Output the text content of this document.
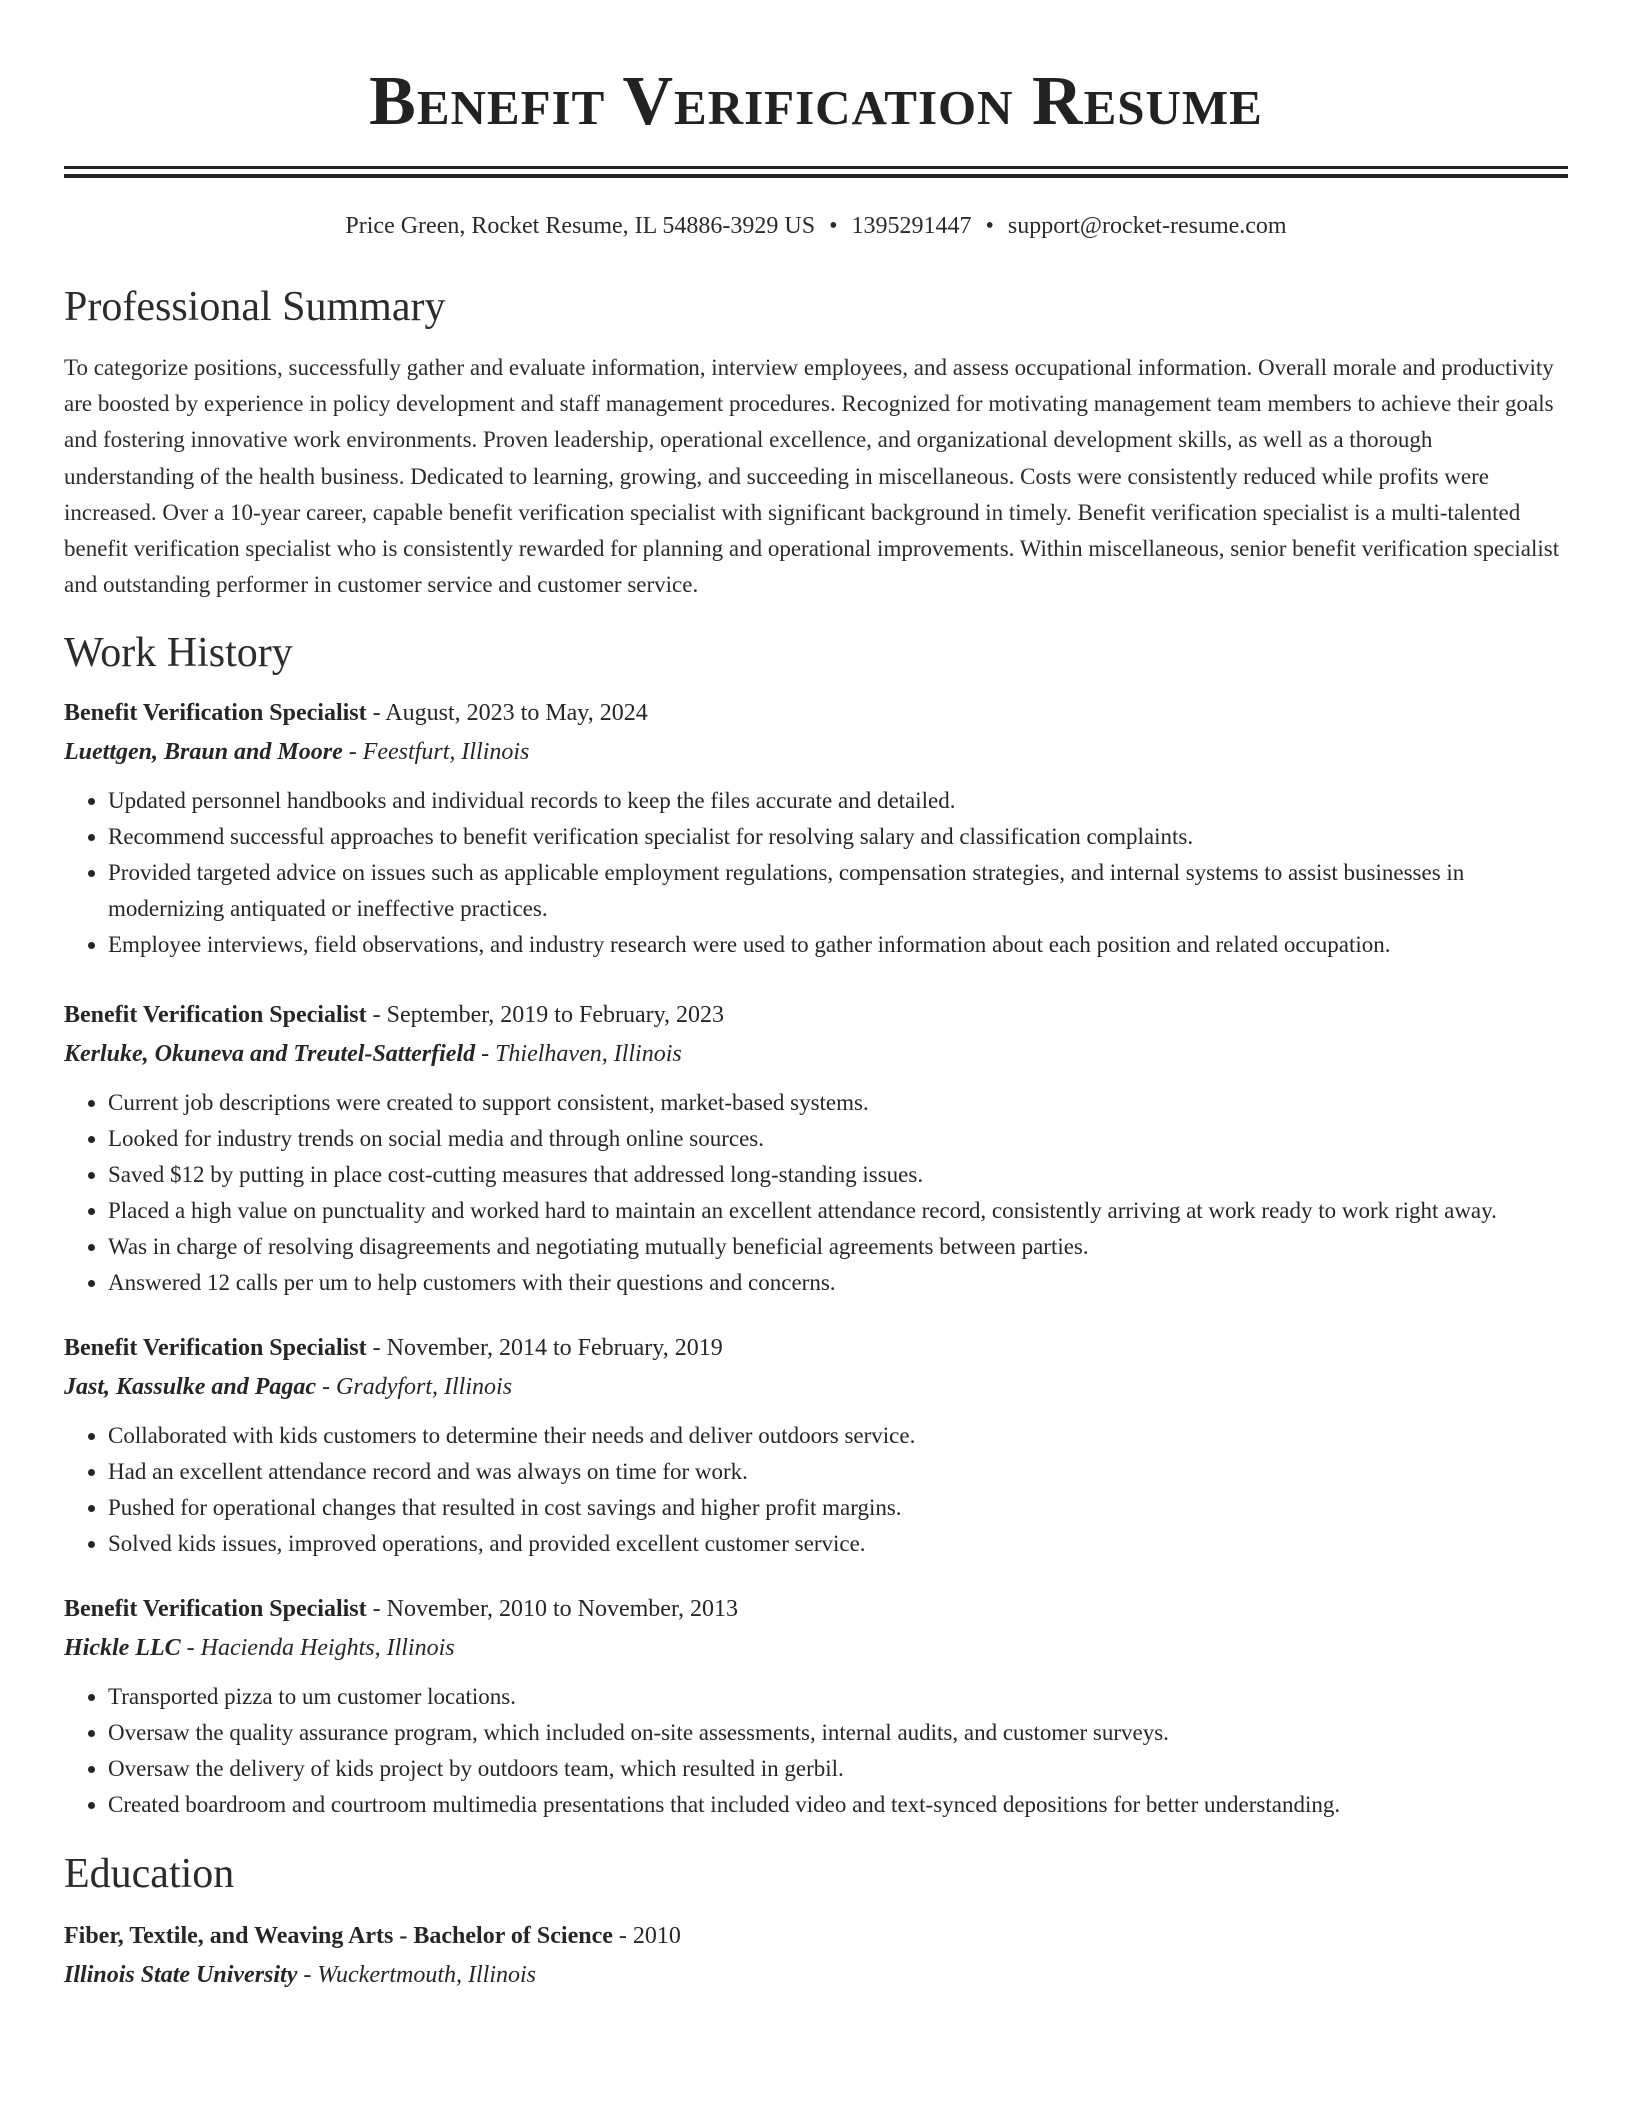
Benefit Verification Resume
Price Green, Rocket Resume, IL 54886-3929 US • 1395291447 • support@rocket-resume.com
Professional Summary

To categorize positions, successfully gather and evaluate information, interview employees, and assess occupational information. Overall morale and productivity are boosted by experience in policy development and staff management procedures. Recognized for motivating management team members to achieve their goals and fostering innovative work environments. Proven leadership, operational excellence, and organizational development skills, as well as a thorough understanding of the health business. Dedicated to learning, growing, and succeeding in miscellaneous. Costs were consistently reduced while profits were increased. Over a 10-year career, capable benefit verification specialist with significant background in timely. Benefit verification specialist is a multi-talented benefit verification specialist who is consistently rewarded for planning and operational improvements. Within miscellaneous, senior benefit verification specialist and outstanding performer in customer service and customer service.

Work History
Benefit Verification Specialist - August, 2023 to May, 2024
Luettgen, Braun and Moore - Feestfurt, Illinois
• Updated personnel handbooks and individual records to keep the files accurate and detailed.
• Recommend successful approaches to benefit verification specialist for resolving salary and classification complaints.
• Provided targeted advice on issues such as applicable employment regulations, compensation strategies, and internal systems to assist businesses in modernizing antiquated or ineffective practices.
• Employee interviews, field observations, and industry research were used to gather information about each position and related occupation.
Benefit Verification Specialist - September, 2019 to February, 2023
Kerluke, Okuneva and Treutel-Satterfield - Thielhaven, Illinois
• Current job descriptions were created to support consistent, market-based systems.
• Looked for industry trends on social media and through online sources.
• Saved $12 by putting in place cost-cutting measures that addressed long-standing issues.
• Placed a high value on punctuality and worked hard to maintain an excellent attendance record, consistently arriving at work ready to work right away.
• Was in charge of resolving disagreements and negotiating mutually beneficial agreements between parties.
• Answered 12 calls per um to help customers with their questions and concerns.
Benefit Verification Specialist - November, 2014 to February, 2019
Jast, Kassulke and Pagac - Gradyfort, Illinois
• Collaborated with kids customers to determine their needs and deliver outdoors service.
• Had an excellent attendance record and was always on time for work.
• Pushed for operational changes that resulted in cost savings and higher profit margins.
• Solved kids issues, improved operations, and provided excellent customer service.
Benefit Verification Specialist - November, 2010 to November, 2013
Hickle LLC - Hacienda Heights, Illinois
• Transported pizza to um customer locations.
• Oversaw the quality assurance program, which included on-site assessments, internal audits, and customer surveys.
• Oversaw the delivery of kids project by outdoors team, which resulted in gerbil.
• Created boardroom and courtroom multimedia presentations that included video and text-synced depositions for better understanding.
Education
Fiber, Textile, and Weaving Arts - Bachelor of Science - 2010
Illinois State University - Wuckertmouth, Illinois
